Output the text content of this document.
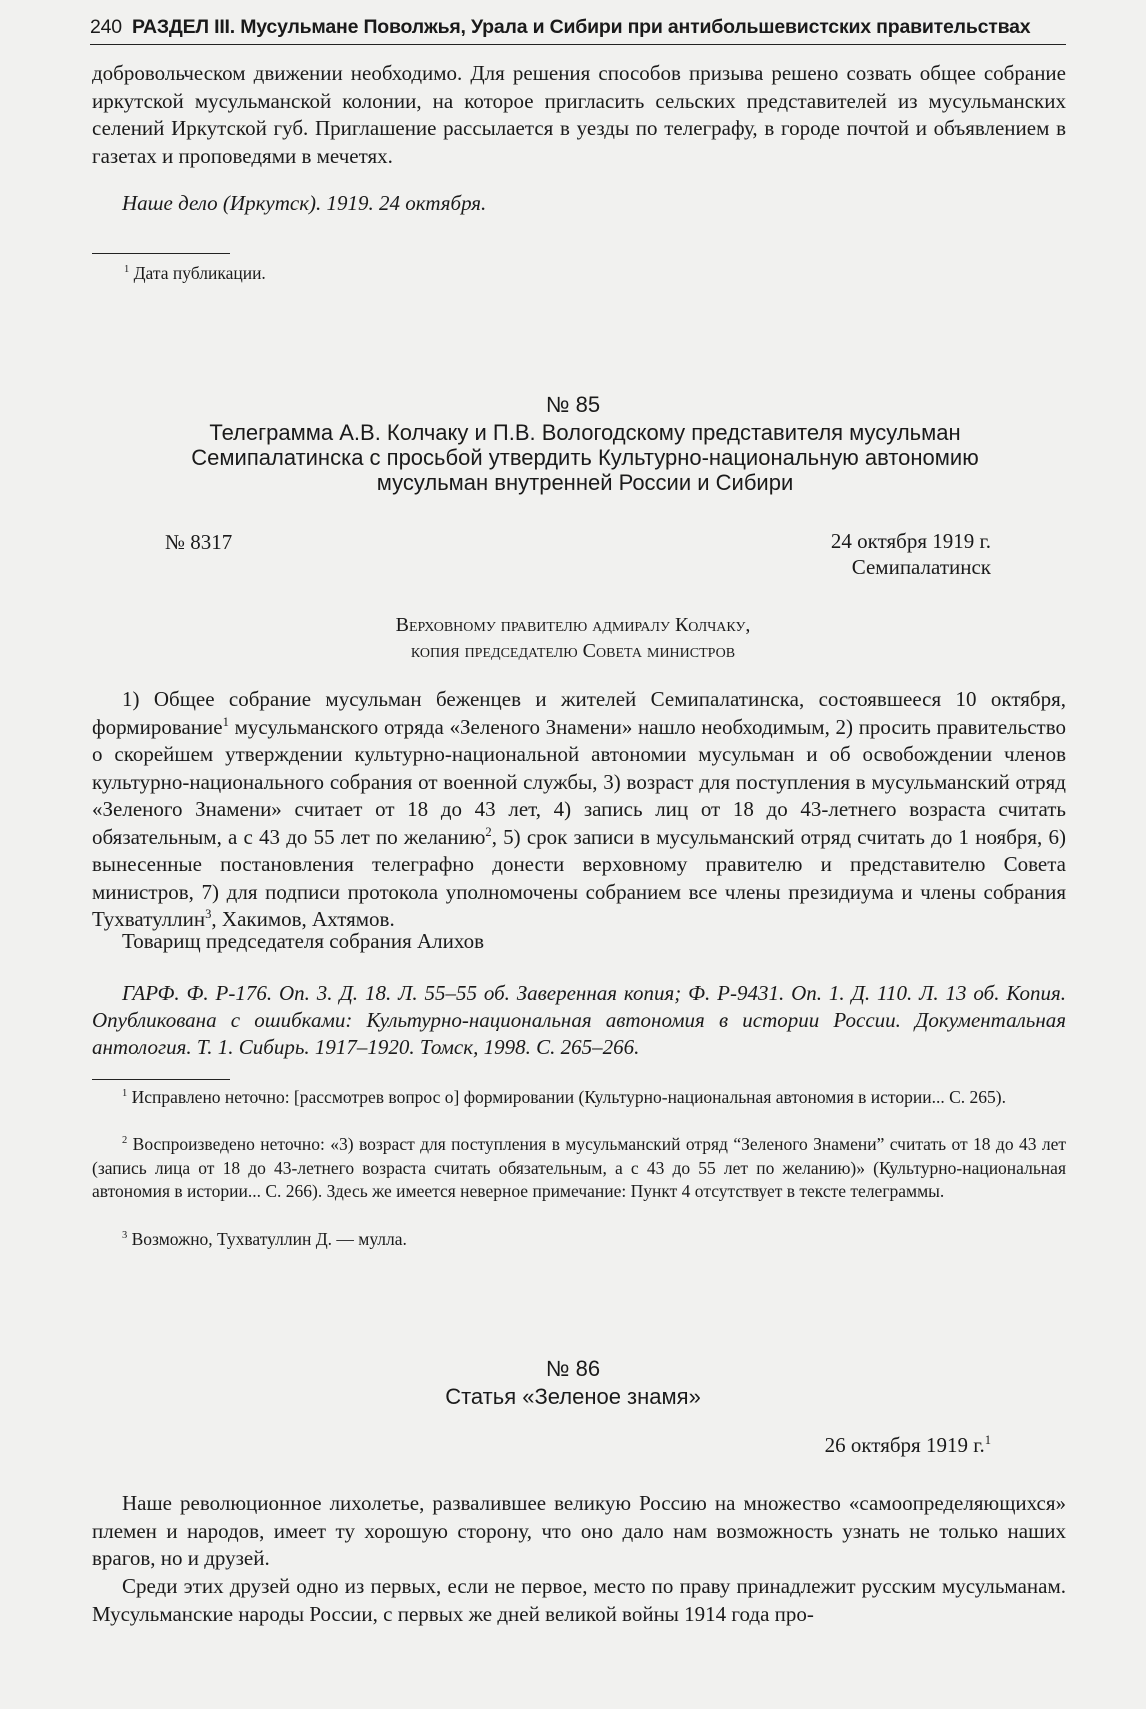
240 РАЗДЕЛ III. Мусульмане Поволжья, Урала и Сибири при антибольшевистских правительствах
добровольческом движении необходимо. Для решения способов призыва решено созвать общее собрание иркутской мусульманской колонии, на которое пригласить сельских представителей из мусульманских селений Иркутской губ. Приглашение рассылается в уезды по телеграфу, в городе почтой и объявлением в газетах и проповедями в мечетях.
Наше дело (Иркутск). 1919. 24 октября.
$^1$ Дата публикации.
№ 85
Телеграмма А.В. Колчаку и П.В. Вологодскому представителя мусульман
Семипалатинска с просьбой утвердить Культурно-национальную автономию
мусульман внутренней России и Сибири
№ 8317	24 октября 1919 г.
Семипалатинск
Верховному правителю адмиралу Колчаку,
копия председателю Совета министров
1) Общее собрание мусульман беженцев и жителей Семипалатинска, состоявшееся 10 октября, формирование$^1$ мусульманского отряда «Зеленого Знамени» нашло необходимым, 2) просить правительство о скорейшем утверждении культурно-национальной автономии мусульман и об освобождении членов культурно-национального собрания от военной службы, 3) возраст для поступления в мусульманский отряд «Зеленого Знамени» считает от 18 до 43 лет, 4) запись лиц от 18 до 43-летнего возраста считать обязательным, а с 43 до 55 лет по желанию$^2$, 5) срок записи в мусульманский отряд считать до 1 ноября, 6) вынесенные постановления телеграфно донести верховному правителю и представителю Совета министров, 7) для подписи протокола уполномочены собранием все члены президиума и члены собрания Тухватуллин$^3$, Хакимов, Ахтямов.
Товарищ председателя собрания Алихов
ГАРФ. Ф. Р-176. Оп. 3. Д. 18. Л. 55–55 об. Заверенная копия; Ф. Р-9431. Оп. 1. Д. 110. Л. 13 об. Копия. Опубликована с ошибками: Культурно-национальная автономия в истории России. Документальная антология. Т. 1. Сибирь. 1917–1920. Томск, 1998. С. 265–266.
$^1$ Исправлено неточно: [рассмотрев вопрос о] формировании (Культурно-национальная автономия в истории... С. 265).
$^2$ Воспроизведено неточно: «3) возраст для поступления в мусульманский отряд “Зеленого Знамени” считать от 18 до 43 лет (запись лица от 18 до 43-летнего возраста считать обязательным, а с 43 до 55 лет по желанию)» (Культурно-национальная автономия в истории... С. 266). Здесь же имеется неверное примечание: Пункт 4 отсутствует в тексте телеграммы.
$^3$ Возможно, Тухватуллин Д. — мулла.
№ 86
Статья «Зеленое знамя»
26 октября 1919 г.$^1$
Наше революционное лихолетье, развалившее великую Россию на множество «самоопределяющихся» племен и народов, имеет ту хорошую сторону, что оно дало нам возможность узнать не только наших врагов, но и друзей.
Среди этих друзей одно из первых, если не первое, место по праву принадлежит русским мусульманам. Мусульманские народы России, с первых же дней великой войны 1914 года про-
